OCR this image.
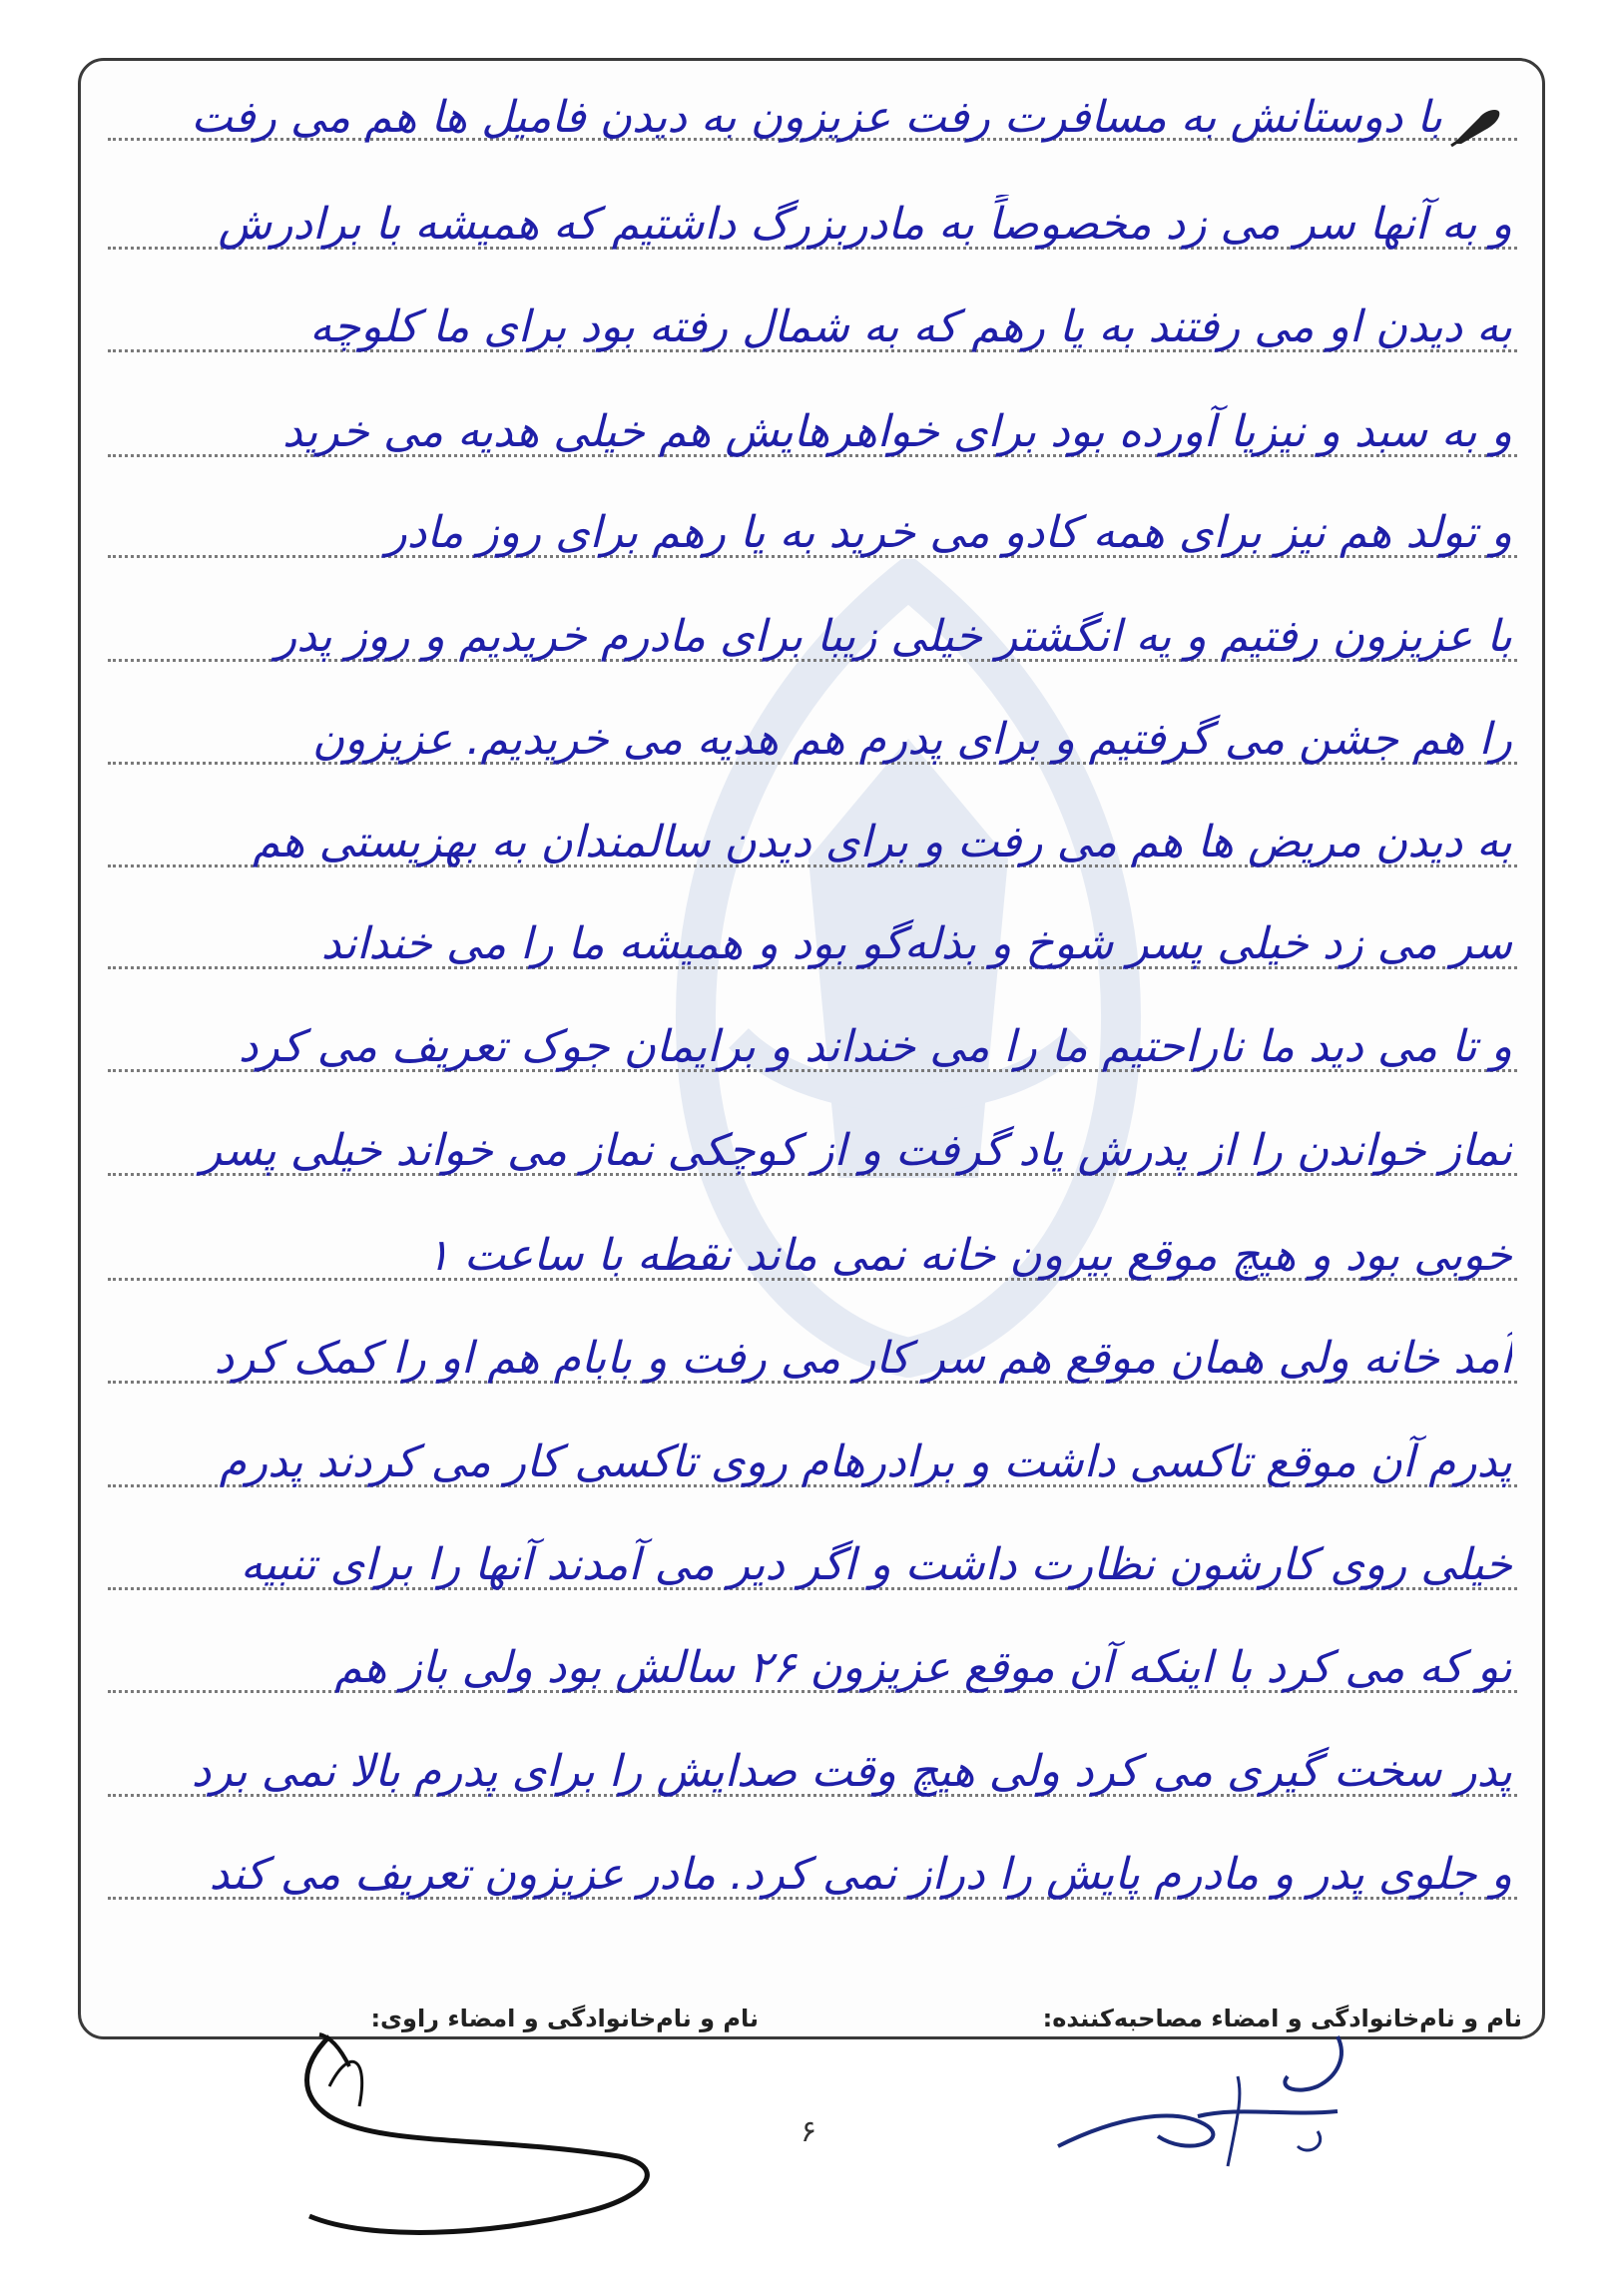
با دوستانش به مسافرت رفت عزیزون به دیدن فامیل ها هم می رفت
و به آنها سر می زد مخصوصاً به مادربزرگ داشتیم که همیشه با برادرش
به دیدن او می رفتند به یا رهم که به شمال رفته بود برای ما کلوچه
و به سبد و نیزیا آورده بود برای خواهرهایش هم خیلی هدیه می خرید
و تولد هم نیز برای همه کادو می خرید به یا رهم برای روز مادر
با عزیزون رفتیم و یه انگشتر خیلی زیبا برای مادرم خریدیم و روز پدر
را هم جشن می گرفتیم و برای پدرم هم هدیه می خریدیم. عزیزون
به دیدن مریض ها هم می رفت و برای دیدن سالمندان به بهزیستی هم
سر می زد خیلی پسر شوخ و بذله‌گو بود و همیشه ما را می خنداند
و تا می دید ما ناراحتیم ما را می خنداند و برایمان جوک تعریف می کرد
نماز خواندن را از پدرش یاد گرفت و از کوچکی نماز می خواند خیلی پسر
خوبی بود و هیچ موقع بیرون خانه نمی ماند نقطه با ساعت ۱
آمد خانه ولی همان موقع هم سر کار می رفت و بابام هم او را کمک کرد
پدرم آن موقع تاکسی داشت و برادرهام روی تاکسی کار می کردند پدرم
خیلی روی کارشون نظارت داشت و اگر دیر می آمدند آنها را برای تنبیه
تو که می کرد با اینکه آن موقع عزیزون ۲۶ سالش بود ولی باز هم
پدر سخت گیری می کرد ولی هیچ وقت صدایش را برای پدرم بالا نمی برد
و جلوی پدر و مادرم پایش را دراز نمی کرد. مادر عزیزون تعریف می کند
نام و نام‌خانوادگی و امضاء مصاحبه‌کننده:
نام و نام‌خانوادگی و امضاء راوی:
۶
